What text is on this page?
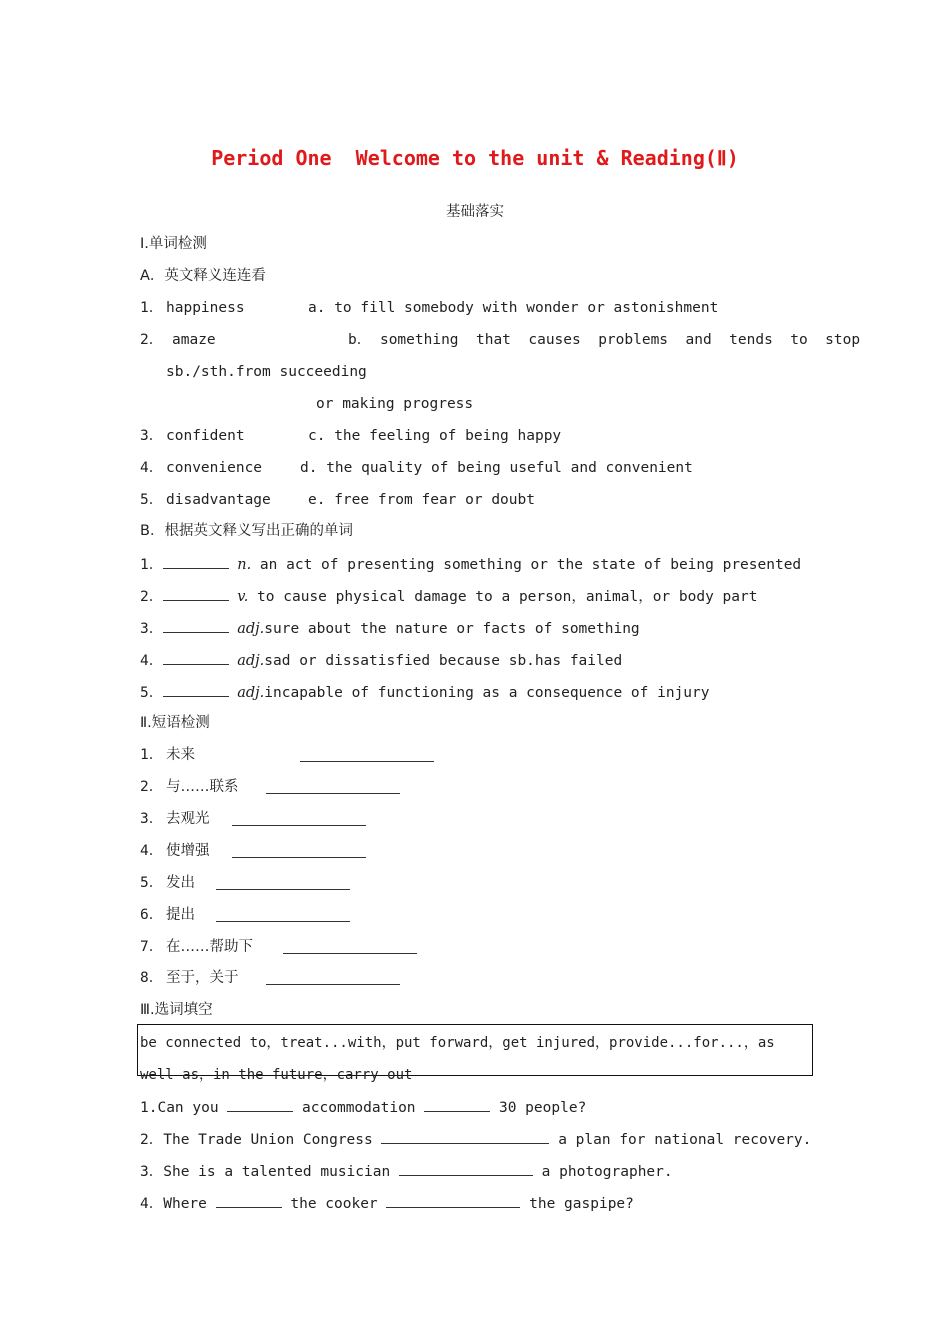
Period One  Welcome to the unit & Reading(Ⅱ)
基础落实
Ⅰ.单词检测
A．英文释义连连看
1． happiness	a. to fill somebody with wonder or astonishment
2． amaze	b． something  that  causes  problems  and  tends  to  stop
sb./sth.from succeeding
or making progress
3． confident	c. the feeling of being happy
4． convenience	d. the quality of being useful and convenient
5． disadvantage	e. free from fear or doubt
B．根据英文释义写出正确的单词
1．	n. an act of presenting something or the state of being presented
2．	v. to cause physical damage to a person，animal，or body part
3．	adj.sure about the nature or facts of something
4．	adj.sad or dissatisfied because sb.has failed
5．	adj.incapable of functioning as a consequence of injury
Ⅱ.短语检测
1． 未来
2． 与……联系
3． 去观光
4． 使增强
5． 发出
6． 提出
7． 在……帮助下
8． 至于，关于
Ⅲ.选词填空
be connected to，treat...with，put forward，get injured，provide...for...，as
well as，in the future，carry out
1.Can you	accommodation	30 people?
2．The Trade Union Congress	a plan for national recovery.
3．She is a talented musician	a photographer.
4．Where	the cooker	the gaspipe?
